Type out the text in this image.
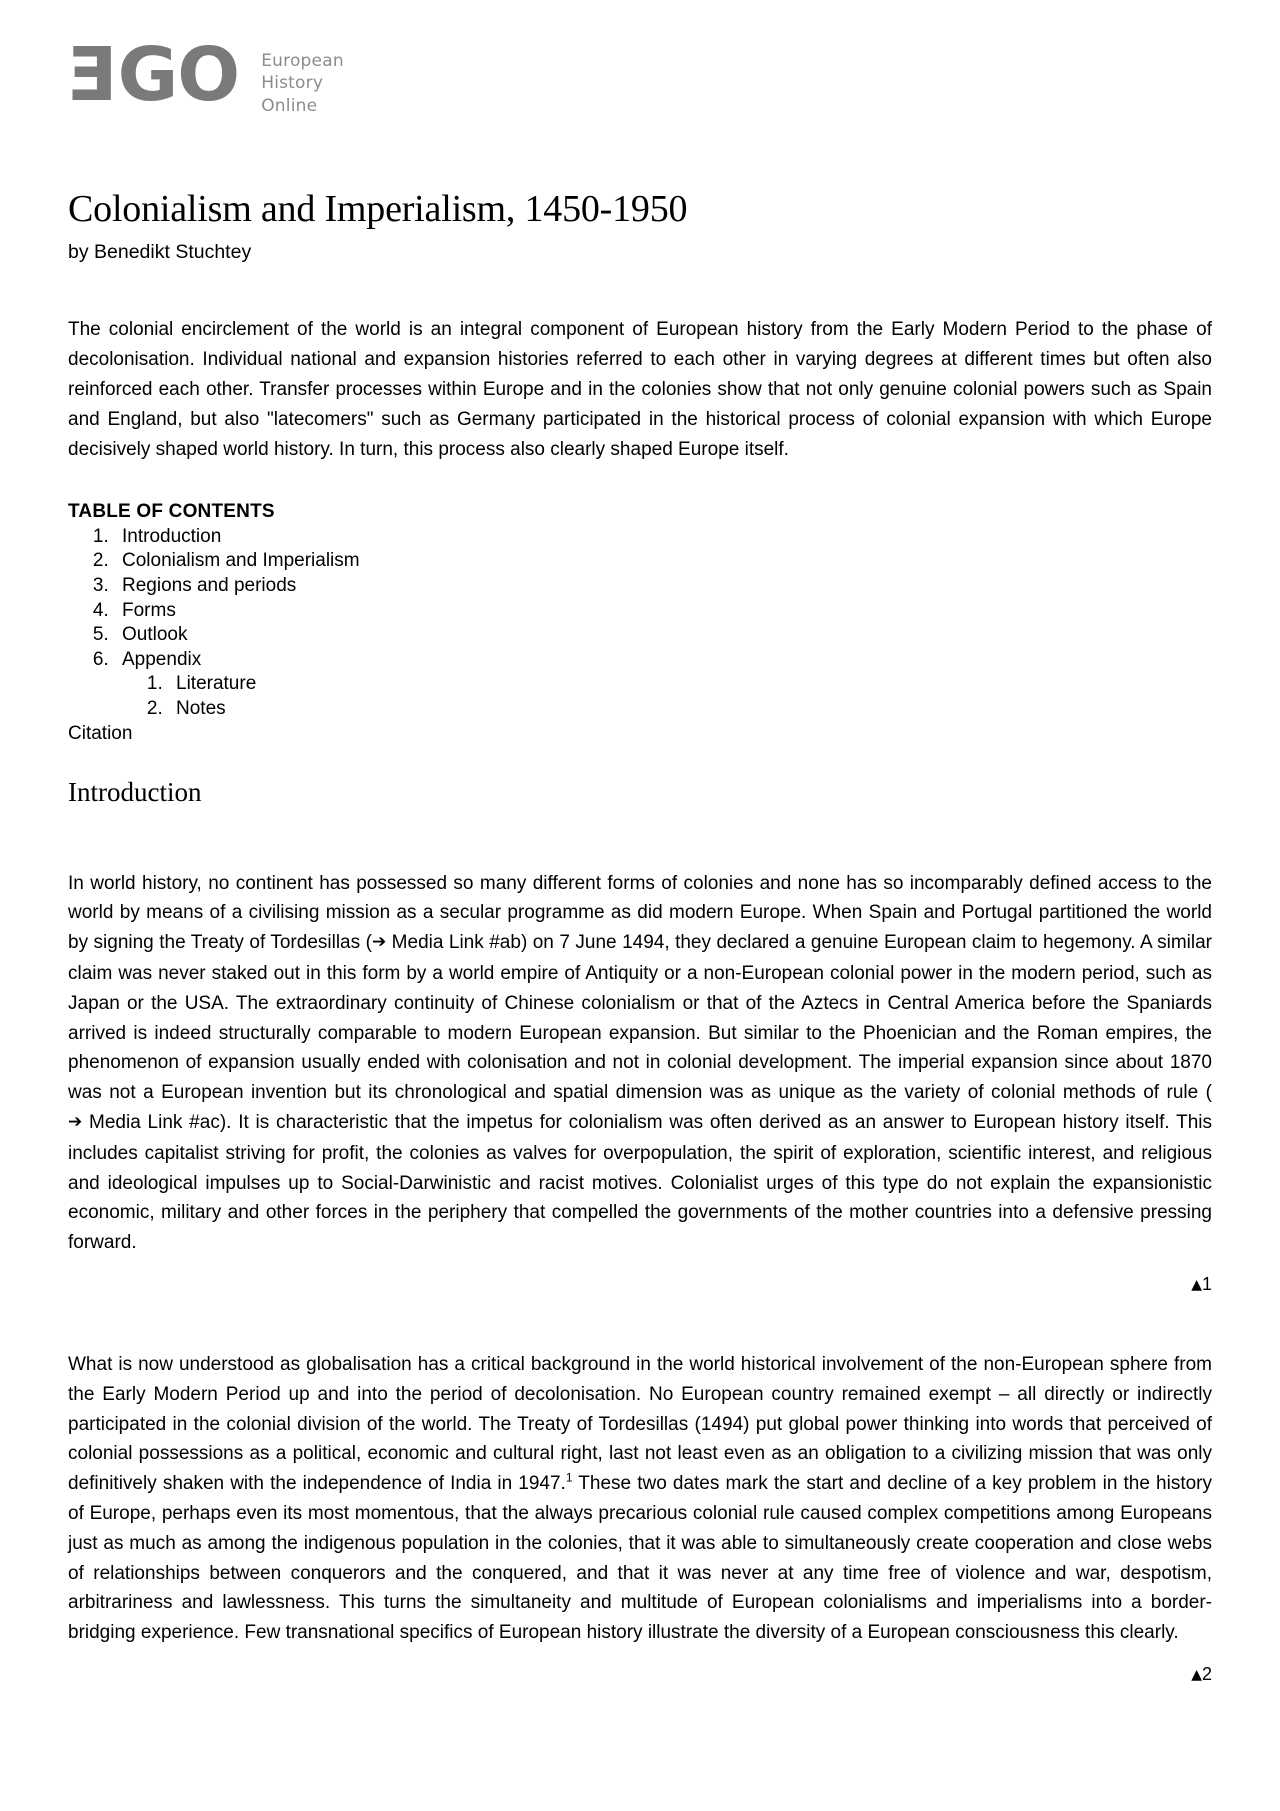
EGO European
History
Online
Colonialism and Imperialism, 1450-1950
by Benedikt Stuchtey

The colonial encirclement of the world is an integral component of European history from the Early Modern Period to the phase of decolonisation. Individual national and expansion histories referred to each other in varying degrees at different times but often also reinforced each other. Transfer processes within Europe and in the colonies show that not only genuine colonial powers such as Spain and England, but also "latecomers" such as Germany participated in the historical process of colonial expansion with which Europe decisively shaped world history. In turn, this process also clearly shaped Europe itself.

TABLE OF CONTENTS
1. Introduction
2. Colonialism and Imperialism
3. Regions and periods
4. Forms
5. Outlook
6. Appendix
1. Literature
2. Notes
Citation
Introduction

In world history, no continent has possessed so many different forms of colonies and none has so incomparably defined access to the world by means of a civilising mission as a secular programme as did modern Europe. When Spain and Portugal partitioned the world by signing the Treaty of Tordesillas (➔ Media Link #ab) on 7 June 1494, they declared a genuine European claim to hegemony. A similar claim was never staked out in this form by a world empire of Antiquity or a non-European colonial power in the modern period, such as Japan or the USA. The extraordinary continuity of Chinese colonialism or that of the Aztecs in Central America before the Spaniards arrived is indeed structurally comparable to modern European expansion. But similar to the Phoenician and the Roman empires, the phenomenon of expansion usually ended with colonisation and not in colonial development. The imperial expansion since about 1870 was not a European invention but its chronological and spatial dimension was as unique as the variety of colonial methods of rule (➔ Media Link #ac). It is characteristic that the impetus for colonialism was often derived as an answer to European history itself. This includes capitalist striving for profit, the colonies as valves for overpopulation, the spirit of exploration, scientific interest, and religious and ideological impulses up to Social-Darwinistic and racist motives. Colonialist urges of this type do not explain the expansionistic economic, military and other forces in the periphery that compelled the governments of the mother countries into a defensive pressing forward.

▲1

What is now understood as globalisation has a critical background in the world historical involvement of the non-European sphere from the Early Modern Period up and into the period of decolonisation. No European country remained exempt – all directly or indirectly participated in the colonial division of the world. The Treaty of Tordesillas (1494) put global power thinking into words that perceived of colonial possessions as a political, economic and cultural right, last not least even as an obligation to a civilizing mission that was only definitively shaken with the independence of India in 1947.$^1$ These two dates mark the start and decline of a key problem in the history of Europe, perhaps even its most momentous, that the always precarious colonial rule caused complex competitions among Europeans just as much as among the indigenous population in the colonies, that it was able to simultaneously create cooperation and close webs of relationships between conquerors and the conquered, and that it was never at any time free of violence and war, despotism, arbitrariness and lawlessness. This turns the simultaneity and multitude of European colonialisms and imperialisms into a border-bridging experience. Few transnational specifics of European history illustrate the diversity of a European consciousness this clearly.

▲2
